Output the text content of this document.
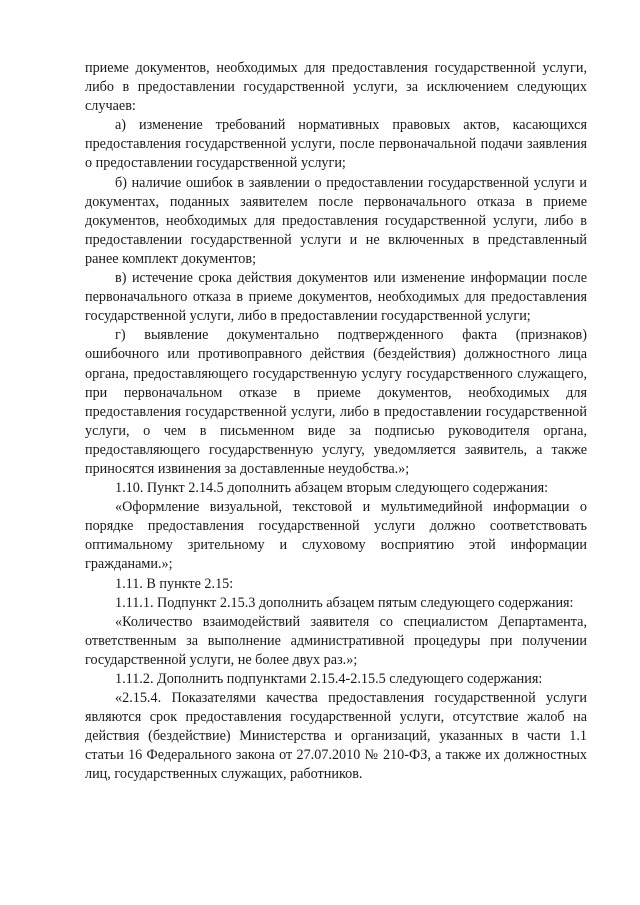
приеме документов, необходимых для предоставления государственной услуги, либо в предоставлении государственной услуги, за исключением следующих случаев:

а) изменение требований нормативных правовых актов, касающихся предоставления государственной услуги, после первоначальной подачи заявления о предоставлении государственной услуги;

б) наличие ошибок в заявлении о предоставлении государственной услуги и документах, поданных заявителем после первоначального отказа в приеме документов, необходимых для предоставления государственной услуги, либо в предоставлении государственной услуги и не включенных в представленный ранее комплект документов;

в) истечение срока действия документов или изменение информации после первоначального отказа в приеме документов, необходимых для предоставления государственной услуги, либо в предоставлении государственной услуги;

г) выявление документально подтвержденного факта (признаков) ошибочного или противоправного действия (бездействия) должностного лица органа, предоставляющего государственную услугу государственного служащего, при первоначальном отказе в приеме документов, необходимых для предоставления государственной услуги, либо в предоставлении государственной услуги, о чем в письменном виде за подписью руководителя органа, предоставляющего государственную услугу, уведомляется заявитель, а также приносятся извинения за доставленные неудобства.»;

1.10. Пункт 2.14.5 дополнить абзацем вторым следующего содержания:

«Оформление визуальной, текстовой и мультимедийной информации о порядке предоставления государственной услуги должно соответствовать оптимальному зрительному и слуховому восприятию этой информации гражданами.»;

1.11. В пункте 2.15:

1.11.1. Подпункт 2.15.3 дополнить абзацем пятым следующего содержания:

«Количество взаимодействий заявителя со специалистом Департамента, ответственным за выполнение административной процедуры при получении государственной услуги, не более двух раз.»;

1.11.2. Дополнить подпунктами 2.15.4-2.15.5 следующего содержания:

«2.15.4. Показателями качества предоставления государственной услуги являются срок предоставления государственной услуги, отсутствие жалоб на действия (бездействие) Министерства и организаций, указанных в части 1.1 статьи 16 Федерального закона от 27.07.2010 № 210-ФЗ, а также их должностных лиц, государственных служащих, работников.
